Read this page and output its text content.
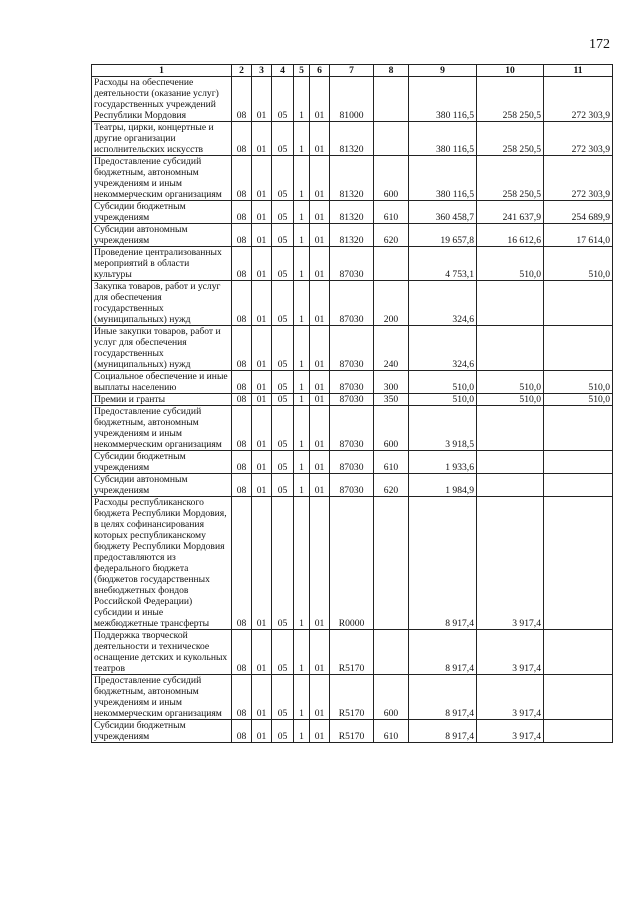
172
1	2	3	4	5	6	7	8	9	10	11
Расходы на обеспечение деятельности (оказание услуг) государственных учреждений Республики Мордовия	08	01	05	1	01	81000		380 116,5	258 250,5	272 303,9
Театры, цирки, концертные и другие организации исполнительских искусств	08	01	05	1	01	81320		380 116,5	258 250,5	272 303,9
Предоставление субсидий бюджетным, автономным учреждениям и иным некоммерческим организациям	08	01	05	1	01	81320	600	380 116,5	258 250,5	272 303,9
Субсидии бюджетным учреждениям	08	01	05	1	01	81320	610	360 458,7	241 637,9	254 689,9
Субсидии автономным учреждениям	08	01	05	1	01	81320	620	19 657,8	16 612,6	17 614,0
Проведение централизованных мероприятий в области культуры	08	01	05	1	01	87030		4 753,1	510,0	510,0
Закупка товаров, работ и услуг для обеспечения государственных (муниципальных) нужд	08	01	05	1	01	87030	200	324,6		
Иные закупки товаров, работ и услуг для обеспечения государственных (муниципальных) нужд	08	01	05	1	01	87030	240	324,6		
Социальное обеспечение и иные выплаты населению	08	01	05	1	01	87030	300	510,0	510,0	510,0
Премии и гранты	08	01	05	1	01	87030	350	510,0	510,0	510,0
Предоставление субсидий бюджетным, автономным учреждениям и иным некоммерческим организациям	08	01	05	1	01	87030	600	3 918,5		
Субсидии бюджетным учреждениям	08	01	05	1	01	87030	610	1 933,6		
Субсидии автономным учреждениям	08	01	05	1	01	87030	620	1 984,9		
Расходы республиканского бюджета Республики Мордовия, в целях софинансирования которых республиканскому бюджету Республики Мордовия предоставляются из федерального бюджета (бюджетов государственных внебюджетных фондов Российской Федерации) субсидии и иные межбюджетные трансферты	08	01	05	1	01	R0000		8 917,4	3 917,4	
Поддержка творческой деятельности и техническое оснащение детских и кукольных театров	08	01	05	1	01	R5170		8 917,4	3 917,4	
Предоставление субсидий бюджетным, автономным учреждениям и иным некоммерческим организациям	08	01	05	1	01	R5170	600	8 917,4	3 917,4	
Субсидии бюджетным учреждениям	08	01	05	1	01	R5170	610	8 917,4	3 917,4	
